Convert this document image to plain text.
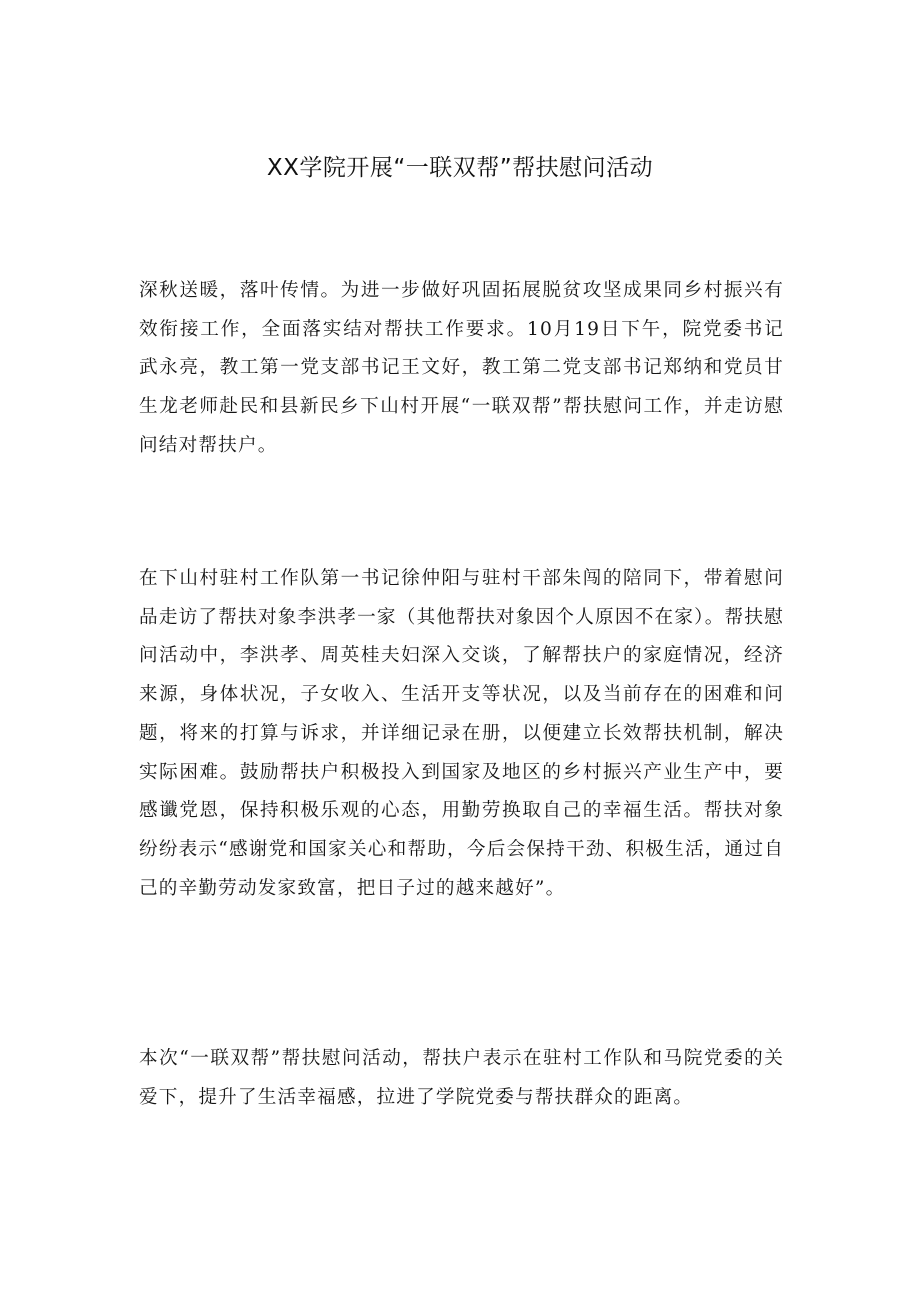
XX学院开展“一联双帮”帮扶慰问活动

深秋送暖，落叶传情。为进一步做好巩固拓展脱贫攻坚成果同乡村振兴有效衔接工作，全面落实结对帮扶工作要求。10月19日下午，院党委书记武永亮，教工第一党支部书记王文好，教工第二党支部书记郑纳和党员甘生龙老师赴民和县新民乡下山村开展“一联双帮”帮扶慰问工作，并走访慰问结对帮扶户。

在下山村驻村工作队第一书记徐仲阳与驻村干部朱闯的陪同下，带着慰问品走访了帮扶对象李洪孝一家（其他帮扶对象因个人原因不在家）。帮扶慰问活动中，李洪孝、周英桂夫妇深入交谈，了解帮扶户的家庭情况，经济来源，身体状况，子女收入、生活开支等状况，以及当前存在的困难和问题，将来的打算与诉求，并详细记录在册，以便建立长效帮扶机制，解决实际困难。鼓励帮扶户积极投入到国家及地区的乡村振兴产业生产中，要感谶党恩，保持积极乐观的心态，用勤劳换取自己的幸福生活。帮扶对象纷纷表示“感谢党和国家关心和帮助，今后会保持干劲、积极生活，通过自己的辛勤劳动发家致富，把日子过的越来越好”。

本次“一联双帮”帮扶慰问活动，帮扶户表示在驻村工作队和马院党委的关爱下，提升了生活幸福感，拉进了学院党委与帮扶群众的距离。
